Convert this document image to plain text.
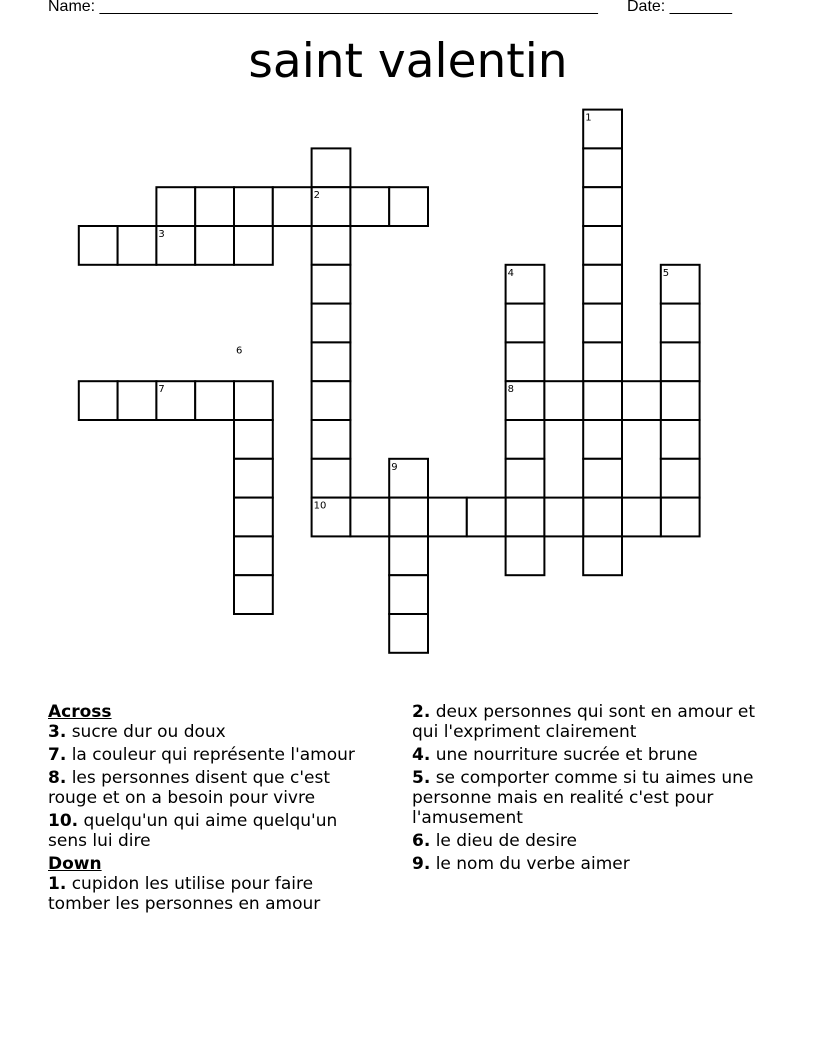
Name: ________________________________________________________ Date: _______
saint valentin
1
2
3
4	5
6
7	8
9
10
Across
3. sucre dur ou doux
7. la couleur qui représente l'amour
8. les personnes disent que c'est rouge et on a besoin pour vivre
10. quelqu'un qui aime quelqu'un sens lui dire
Down
1. cupidon les utilise pour faire tomber les personnes en amour
2. deux personnes qui sont en amour et qui l'expriment clairement
4. une nourriture sucrée et brune
5. se comporter comme si tu aimes une personne mais en realité c'est pour l'amusement
6. le dieu de desire
9. le nom du verbe aimer
